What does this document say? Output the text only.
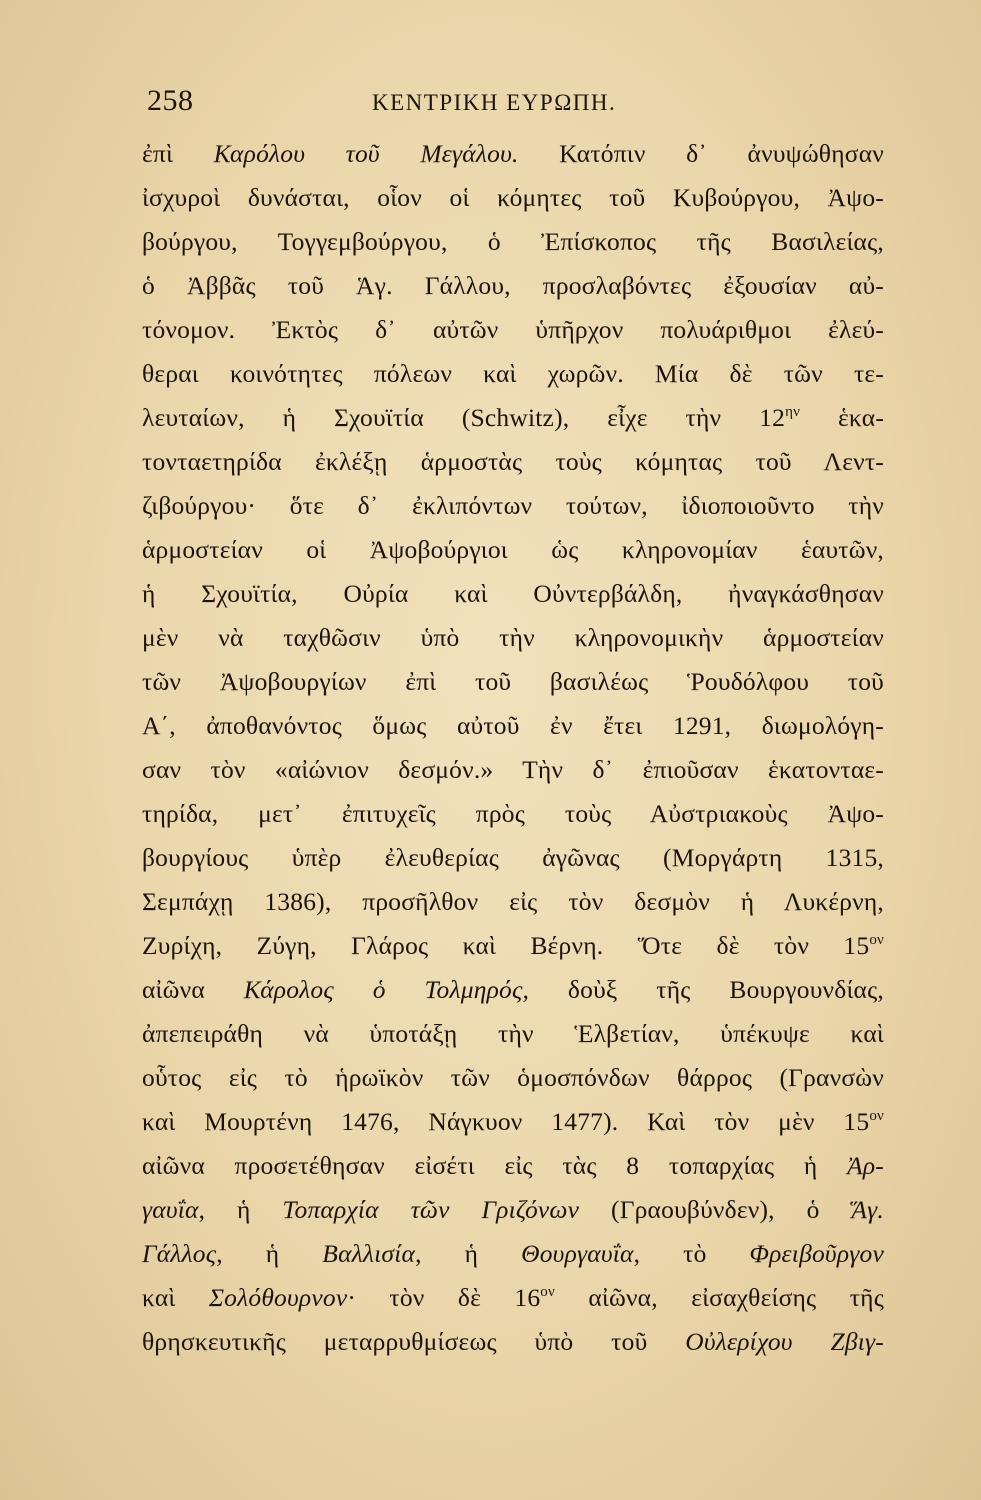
258	ΚΕΝΤΡΙΚΗ ΕΥΡΩΠΗ.
ἐπὶ Καρόλου τοῦ Μεγάλου. Κατόπιν δ᾽ ἀνυψώθησαν
ἰσχυροὶ δυνάσται, οἷον οἱ κόμητες τοῦ Κυβούργου, Ἀψο-
βούργου, Τογγεμβούργου, ὁ Ἐπίσκοπος τῆς Βασιλείας,
ὁ Ἀββᾶς τοῦ Ἁγ. Γάλλου, προσλαβόντες ἐξουσίαν αὐ-
τόνομον. Ἐκτὸς δ᾽ αὐτῶν ὑπῆρχον πολυάριθμοι ἐλεύ-
θεραι κοινότητες πόλεων καὶ χωρῶν. Μία δὲ τῶν τε-
λευταίων, ἡ Σχουϊτία (Schwitz), εἶχε τὴν $12^{\eta\nu}$ ἑκα-
τονταετηρίδα ἐκλέξῃ ἁρμοστὰς τοὺς κόμητας τοῦ Λεντ-
ζιβούργου· ὅτε δ᾽ ἐκλιπόντων τούτων, ἰδιοποιοῦντο τὴν
ἁρμοστείαν οἱ Ἀψοβούργιοι ὡς κληρονομίαν ἑαυτῶν,
ἡ Σχουϊτία, Οὐρία καὶ Οὐντερβάλδη, ἠναγκάσθησαν
μὲν νὰ ταχθῶσιν ὑπὸ τὴν κληρονομικὴν ἁρμοστείαν
τῶν Ἀψοβουργίων ἐπὶ τοῦ βασιλέως Ῥουδόλφου τοῦ
Α΄, ἀποθανόντος ὅμως αὐτοῦ ἐν ἔτει 1291, διωμολόγη-
σαν τὸν «αἰώνιον δεσμόν.» Τὴν δ᾽ ἐπιοῦσαν ἑκατονταε-
τηρίδα, μετ᾽ ἐπιτυχεῖς πρὸς τοὺς Αὐστριακοὺς Ἀψο-
βουργίους ὑπὲρ ἐλευθερίας ἀγῶνας (Μοργάρτη 1315,
Σεμπάχῃ 1386), προσῆλθον εἰς τὸν δεσμὸν ἡ Λυκέρνη,
Ζυρίχη, Ζύγη, Γλάρος καὶ Βέρνη. Ὅτε δὲ τὸν $15^{o\nu}$
αἰῶνα Κάρολος ὁ Τολμηρός, δοὺξ τῆς Βουργουνδίας,
ἀπεπειράθη νὰ ὑποτάξῃ τὴν Ἑλβετίαν, ὑπέκυψε καὶ
οὗτος εἰς τὸ ἡρωϊκὸν τῶν ὁμοσπόνδων θάρρος (Γρανσὼν
καὶ Μουρτένη 1476, Νάγκυον 1477). Καὶ τὸν μὲν $15^{o\nu}$
αἰῶνα προσετέθησαν εἰσέτι εἰς τὰς 8 τοπαρχίας ἡ Ἀρ-
γαυΐα, ἡ Τοπαρχία τῶν Γριζόνων (Γραουβύνδεν), ὁ Ἅγ.
Γάλλος, ἡ Βαλλισία, ἡ Θουργαυΐα, τὸ Φρειβοῦργον
καὶ Σολόθουρνον· τὸν δὲ $16^{o\nu}$ αἰῶνα, εἰσαχθείσης τῆς
θρησκευτικῆς μεταρρυθμίσεως ὑπὸ τοῦ Οὐλερίχου Ζβιγ-
